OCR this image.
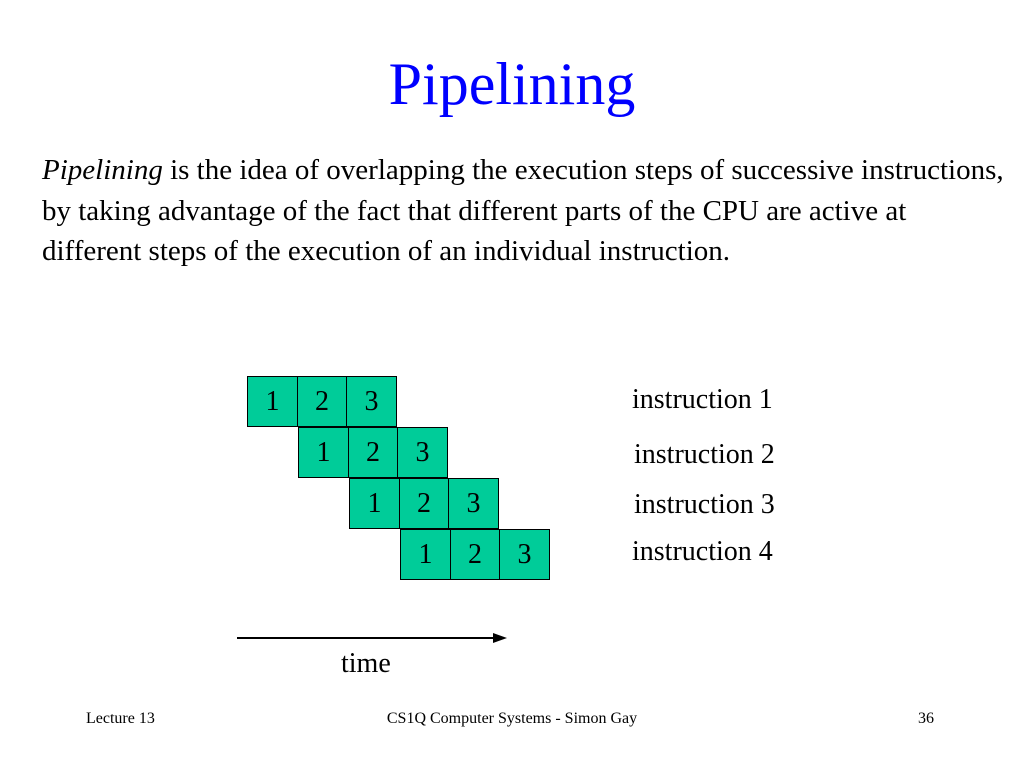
Pipelining
Pipelining is the idea of overlapping the execution steps of successive instructions, by taking advantage of the fact that different parts of the CPU are active at different steps of the execution of an individual instruction.
1	2	3
1	2	3
1	2	3
1	2	3
instruction 1
instruction 2
instruction 3
instruction 4
time
Lecture 13	CS1Q Computer Systems - Simon Gay	36
